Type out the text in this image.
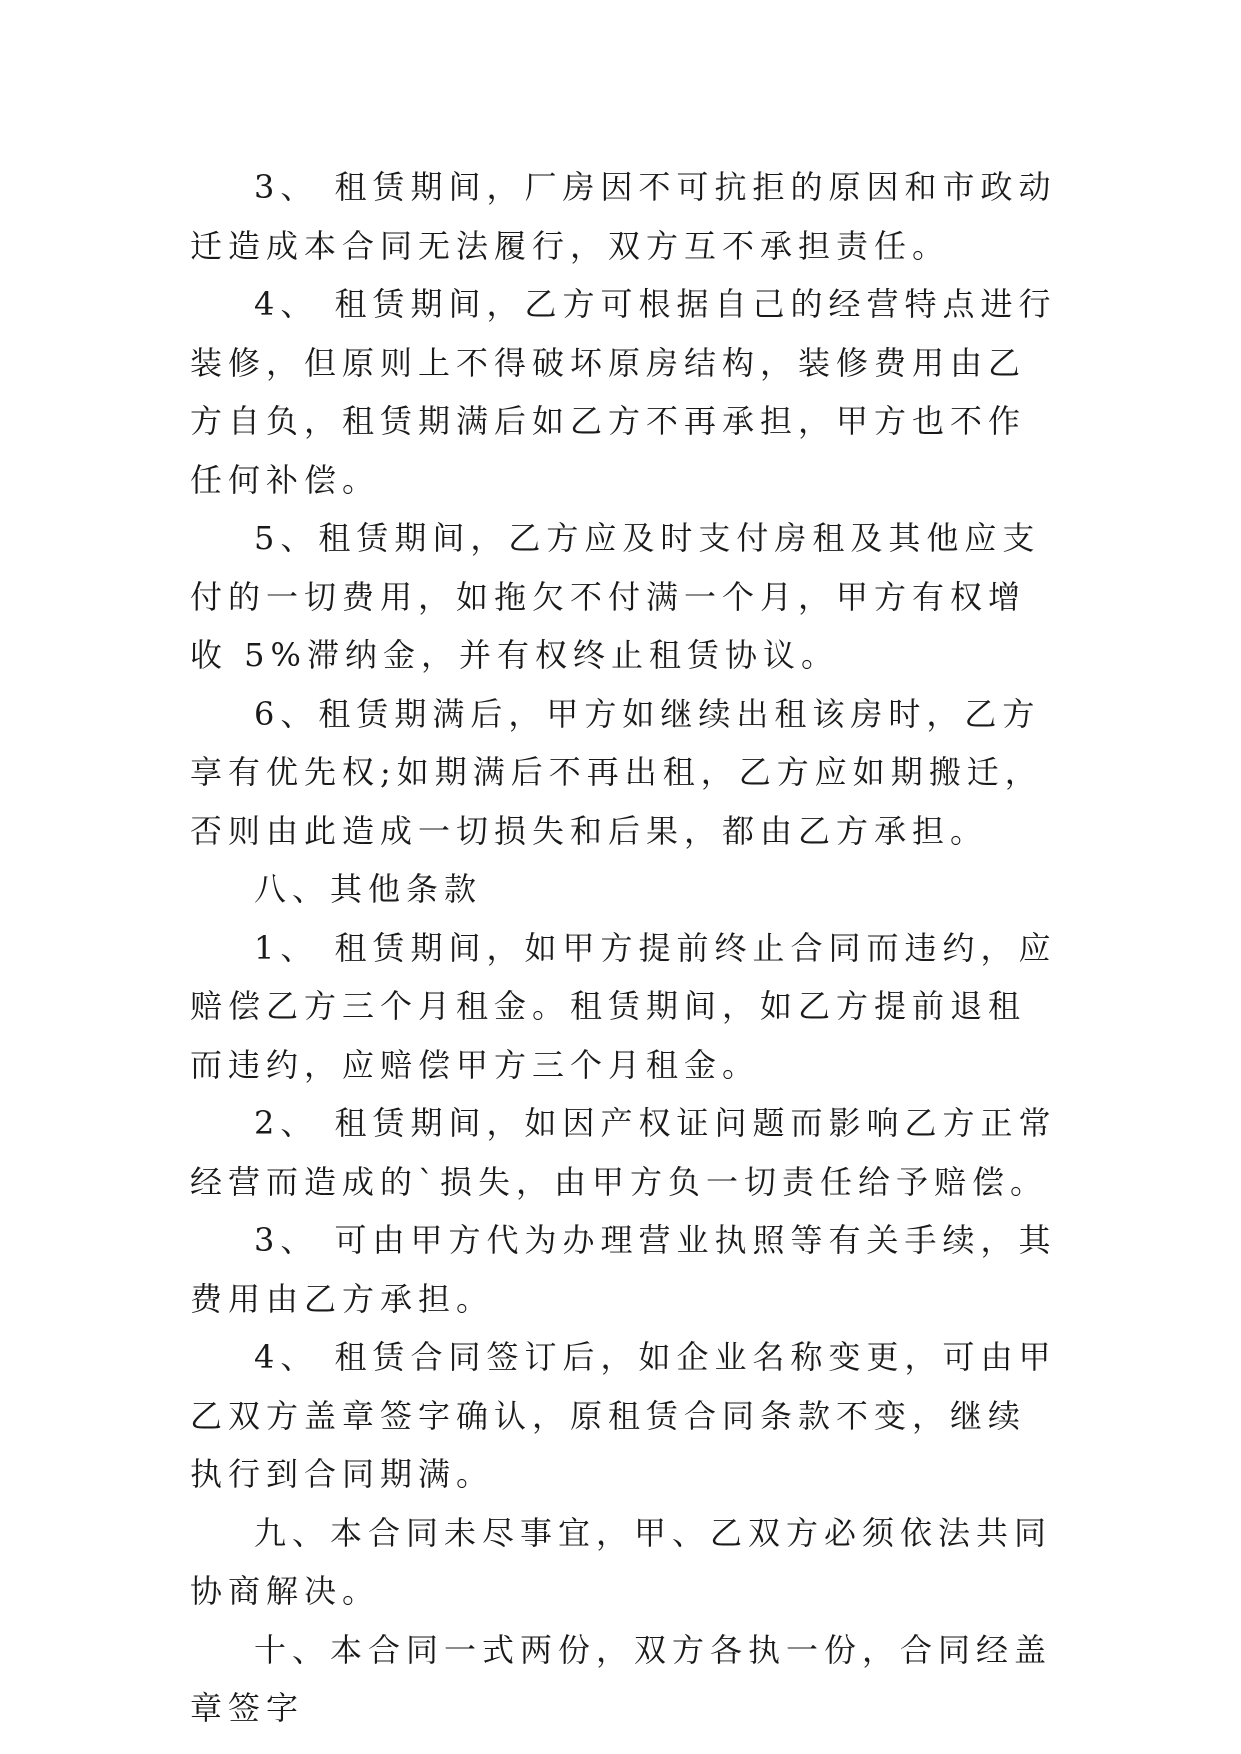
3、 租赁期间，厂房因不可抗拒的原因和市政动迁造成本合同无法履行，双方互不承担责任。

4、 租赁期间，乙方可根据自己的经营特点进行装修，但原则上不得破坏原房结构，装修费用由乙方自负，租赁期满后如乙方不再承担，甲方也不作任何补偿。

5、租赁期间，乙方应及时支付房租及其他应支付的一切费用，如拖欠不付满一个月，甲方有权增收 5%滞纳金，并有权终止租赁协议。

6、租赁期满后，甲方如继续出租该房时，乙方享有优先权;如期满后不再出租，乙方应如期搬迁，否则由此造成一切损失和后果，都由乙方承担。

八、其他条款

1、 租赁期间，如甲方提前终止合同而违约，应赔偿乙方三个月租金。租赁期间，如乙方提前退租而违约，应赔偿甲方三个月租金。

2、 租赁期间，如因产权证问题而影响乙方正常经营而造成的`损失，由甲方负一切责任给予赔偿。

3、 可由甲方代为办理营业执照等有关手续，其费用由乙方承担。

4、 租赁合同签订后，如企业名称变更，可由甲乙双方盖章签字确认，原租赁合同条款不变，继续执行到合同期满。

九、本合同未尽事宜，甲、乙双方必须依法共同协商解决。

十、本合同一式两份，双方各执一份，合同经盖章签字
